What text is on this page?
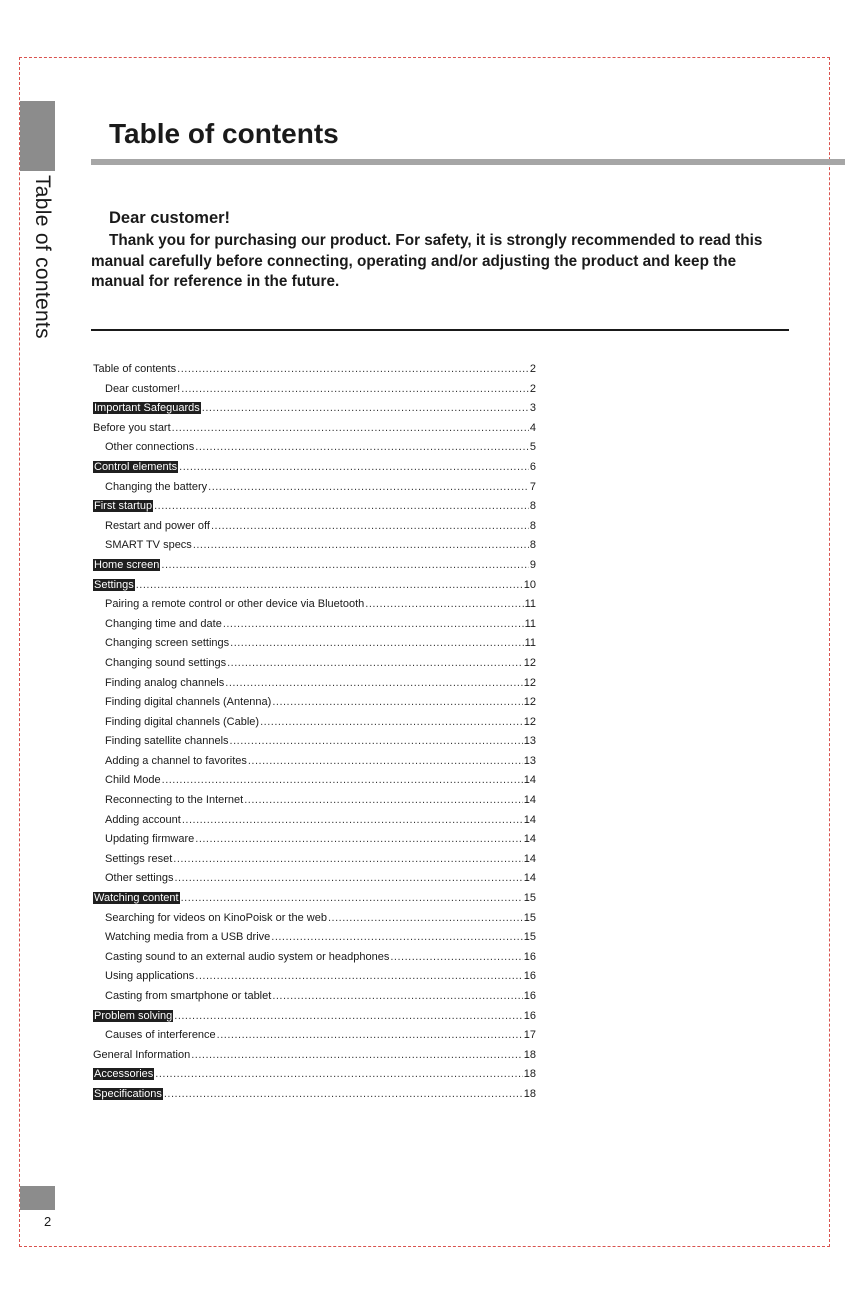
Table of contents
2
Table of contents
Dear customer!

Thank you for purchasing our product. For safety, it is strongly recommended to read this manual carefully before connecting, operating and/or adjusting the product and keep the manual for reference in the future.

Table of contents .....	2
Dear customer! .....	2
Important Safeguards .....	3
Before you start .....	4
Other connections .....	5
Control elements .....	6
Changing the battery .....	7
First startup .....	8
Restart and power off .....	8
SMART TV specs .....	8
Home screen .....	9
Settings .....	10
Pairing a remote control or other device via Bluetooth .....	11
Changing time and date .....	11
Changing screen settings .....	11
Changing sound settings .....	12
Finding analog channels .....	12
Finding digital channels (Antenna) .....	12
Finding digital channels (Cable) .....	12
Finding satellite channels .....	13
Adding a channel to favorites .....	13
Child Mode .....	14
Reconnecting to the Internet .....	14
Adding account .....	14
Updating firmware .....	14
Settings reset .....	14
Other settings .....	14
Watching content .....	15
Searching for videos on KinoPoisk or the web .....	15
Watching media from a USB drive .....	15
Casting sound to an external audio system or headphones .....	16
Using applications .....	16
Casting from smartphone or tablet .....	16
Problem solving .....	16
Causes of interference .....	17
General Information .....	18
Accessories .....	18
Specifications .....	18
